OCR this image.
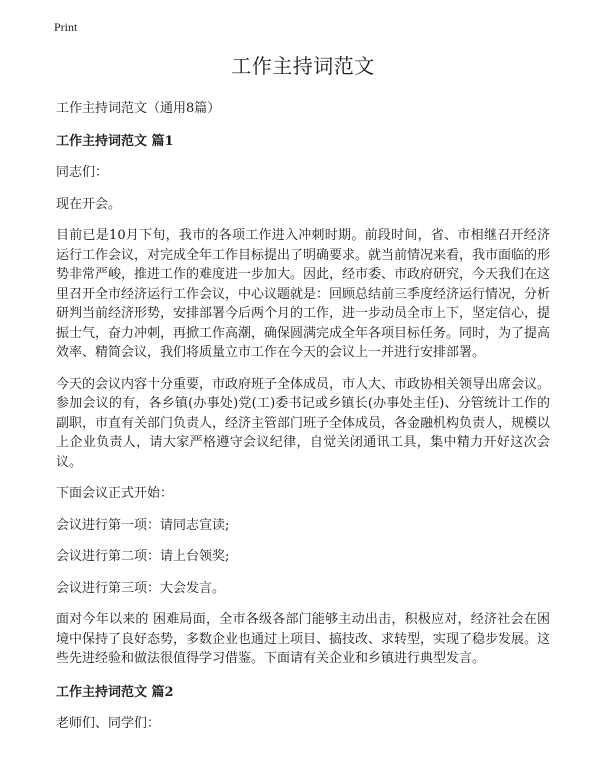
Print
工作主持词范文
工作主持词范文（通用8篇）
工作主持词范文 篇1

同志们：

现在开会。

目前已是10月下旬，我市的各项工作进入冲刺时期。前段时间，省、市相继召开经济运行工作会议，对完成全年工作目标提出了明确要求。就当前情况来看，我市面临的形势非常严峻，推进工作的难度进一步加大。因此，经市委、市政府研究，今天我们在这里召开全市经济运行工作会议，中心议题就是：回顾总结前三季度经济运行情况，分析研判当前经济形势，安排部署今后两个月的工作，进一步动员全市上下，坚定信心，提振士气，奋力冲刺，再掀工作高潮，确保圆满完成全年各项目标任务。同时，为了提高效率、精简会议，我们将质量立市工作在今天的会议上一并进行安排部署。

今天的会议内容十分重要，市政府班子全体成员，市人大、市政协相关领导出席会议。参加会议的有，各乡镇(办事处)党(工)委书记或乡镇长(办事处主任)、分管统计工作的副职，市直有关部门负责人，经济主管部门班子全体成员，各金融机构负责人，规模以上企业负责人，请大家严格遵守会议纪律，自觉关闭通讯工具，集中精力开好这次会议。

下面会议正式开始：

会议进行第一项：请同志宣读;

会议进行第二项：请上台领奖;

会议进行第三项：大会发言。

面对今年以来的 困难局面，全市各级各部门能够主动出击，积极应对，经济社会在困境中保持了良好态势，多数企业也通过上项目、搞技改、求转型，实现了稳步发展。这些先进经验和做法很值得学习借鉴。下面请有关企业和乡镇进行典型发言。

工作主持词范文 篇2

老师们、同学们：
